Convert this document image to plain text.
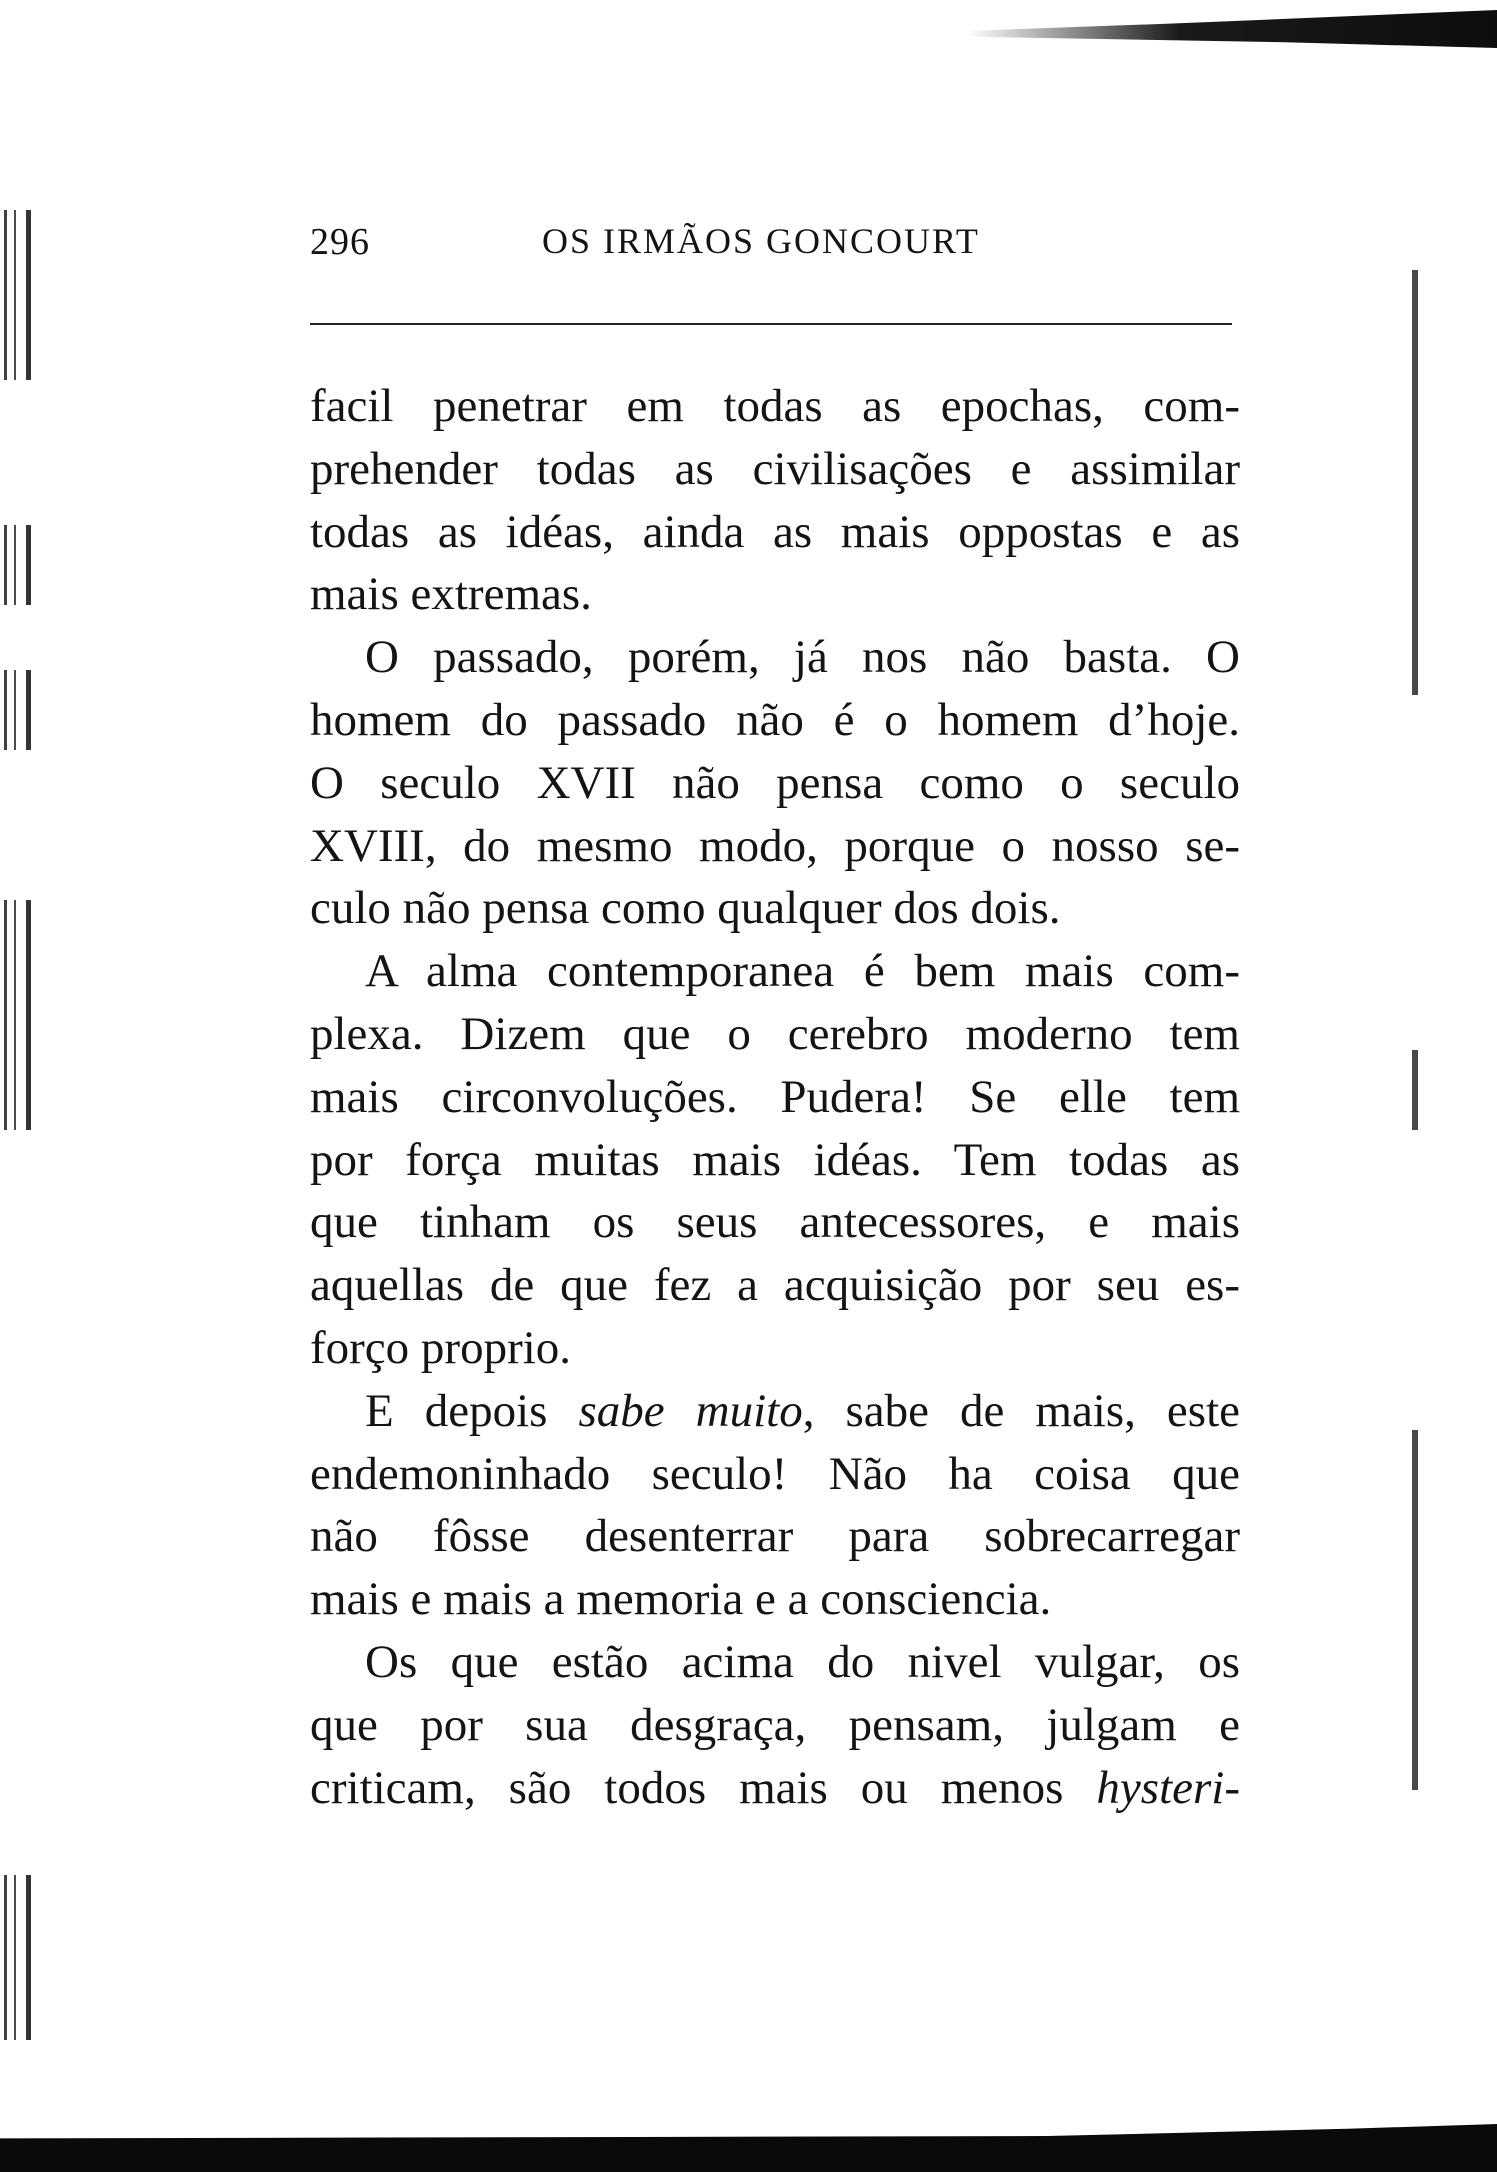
296	OS IRMÃOS GONCOURT
facil penetrar em todas as epochas, com-
prehender todas as civilisações e assimilar
todas as idéas, ainda as mais oppostas e as
mais extremas.
O passado, porém, já nos não basta. O
homem do passado não é o homem d’hoje.
O seculo XVII não pensa como o seculo
XVIII, do mesmo modo, porque o nosso se-
culo não pensa como qualquer dos dois.
A alma contemporanea é bem mais com-
plexa. Dizem que o cerebro moderno tem
mais circonvoluções. Pudera! Se elle tem
por força muitas mais idéas. Tem todas as
que tinham os seus antecessores, e mais
aquellas de que fez a acquisição por seu es-
forço proprio.
E depois sabe muito, sabe de mais, este
endemoninhado seculo! Não ha coisa que
não fôsse desenterrar para sobrecarregar
mais e mais a memoria e a consciencia.
Os que estão acima do nivel vulgar, os
que por sua desgraça, pensam, julgam e
criticam, são todos mais ou menos hysteri-
